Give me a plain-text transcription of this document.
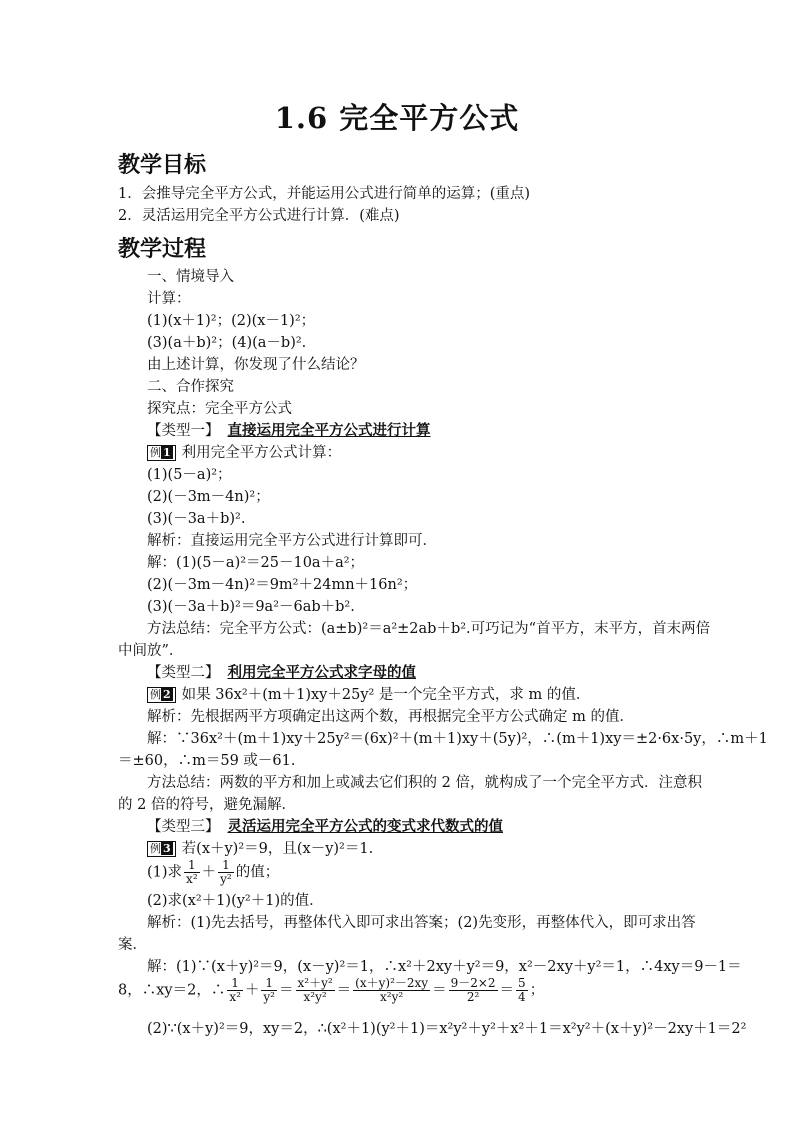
1.6 完全平方公式
教学目标
1．会推导完全平方公式，并能运用公式进行简单的运算；(重点)
2．灵活运用完全平方公式进行计算．(难点)
教学过程
一、情境导入
计算：
(1)(x＋1)²；(2)(x－1)²；
(3)(a＋b)²；(4)(a－b)².
由上述计算，你发现了什么结论？
二、合作探究
探究点：完全平方公式
【类型一】 直接运用完全平方公式进行计算
例 1 利用完全平方公式计算：
(1)(5－a)²；
(2)(－3m－4n)²；
(3)(－3a＋b)².
解析：直接运用完全平方公式进行计算即可．
解：(1)(5－a)²＝25－10a＋a²；
(2)(－3m－4n)²＝9m²＋24mn＋16n²；
(3)(－3a＋b)²＝9a²－6ab＋b².
方法总结：完全平方公式：(a±b)²＝a²±2ab＋b².可巧记为“首平方，末平方，首末两倍
中间放”．
【类型二】 利用完全平方公式求字母的值
例 2 如果 36x²＋(m＋1)xy＋25y² 是一个完全平方式，求 m 的值．
解析：先根据两平方项确定出这两个数，再根据完全平方公式确定 m 的值．
解：∵36x²＋(m＋1)xy＋25y²＝(6x)²＋(m＋1)xy＋(5y)²，∴(m＋1)xy＝±2·6x·5y，∴m＋1
＝±60，∴m＝59 或－61.
方法总结：两数的平方和加上或减去它们积的 2 倍，就构成了一个完全平方式．注意积
的 2 倍的符号，避免漏解．
【类型三】 灵活运用完全平方公式的变式求代数式的值
例 3 若(x＋y)²＝9，且(x－y)²＝1.
(1)求 $\frac{1}{\text{x²}} + \frac{1}{\text{y²}}$ 的值；
(2)求(x²＋1)(y²＋1)的值．
解析：(1)先去括号，再整体代入即可求出答案；(2)先变形，再整体代入，即可求出答
案．
解：(1)∵(x＋y)²＝9，(x－y)²＝1，∴x²＋2xy＋y²＝9，x²－2xy＋y²＝1，∴4xy＝9－1＝
8，∴xy＝2，∴ $\frac{1}{\text{x²}} + \frac{1}{\text{y²}} = \frac{\text{x²＋y²}}{\text{x²y²}} = \frac{\text{(x＋y)²－2xy}}{\text{x²y²}} = \frac{9-2\times 2}{\text{2²}} = \frac{5}{4}$ ；
(2)∵(x＋y)²＝9，xy＝2，∴(x²＋1)(y²＋1)＝x²y²＋y²＋x²＋1＝x²y²＋(x＋y)²－2xy＋1＝2²
